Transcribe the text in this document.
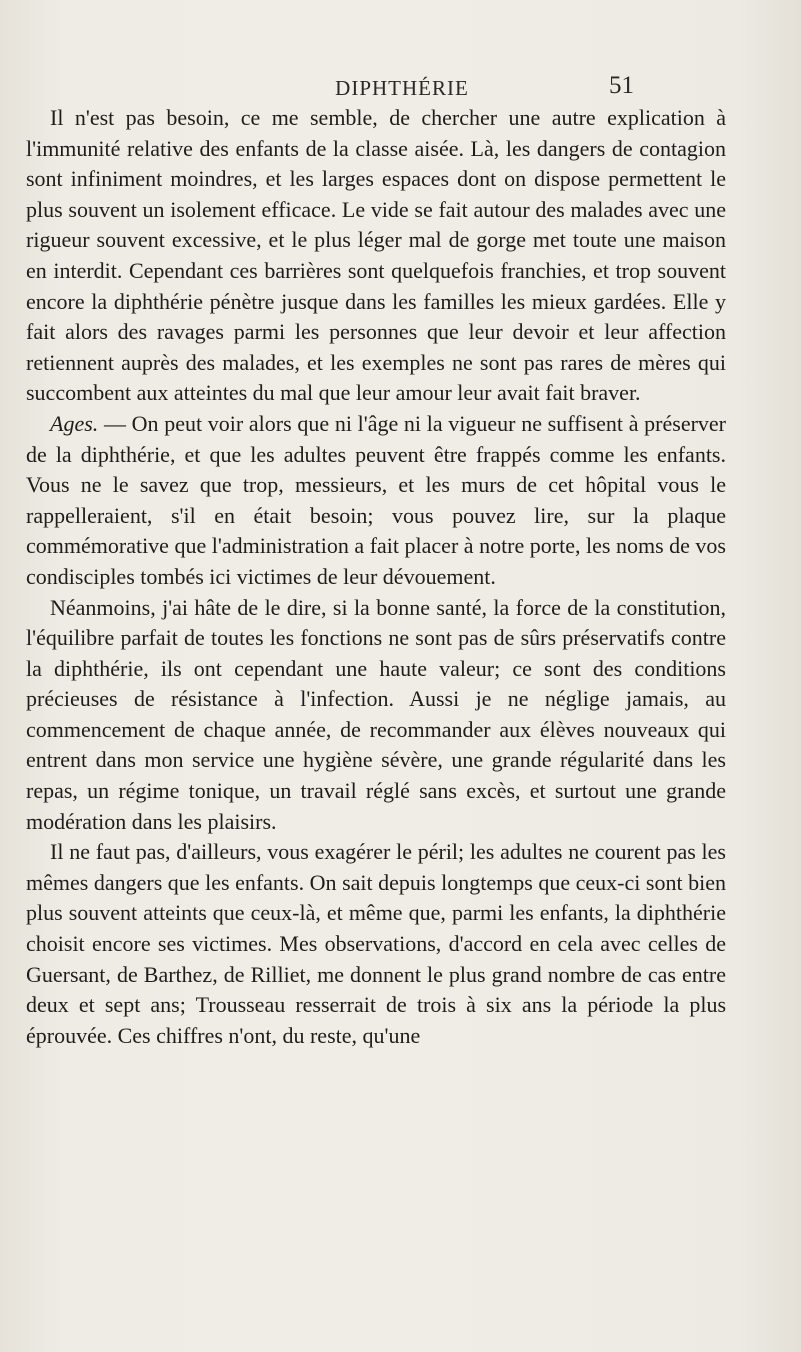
DIPHTHÉRIE	51

Il n'est pas besoin, ce me semble, de chercher une autre explication à l'immunité relative des enfants de la classe aisée. Là, les dangers de contagion sont infiniment moindres, et les larges espaces dont on dispose permettent le plus souvent un isolement efficace. Le vide se fait autour des malades avec une rigueur souvent excessive, et le plus léger mal de gorge met toute une maison en interdit. Cependant ces barrières sont quelquefois franchies, et trop souvent encore la diphthérie pénètre jusque dans les familles les mieux gardées. Elle y fait alors des ravages parmi les personnes que leur devoir et leur affection retiennent auprès des malades, et les exemples ne sont pas rares de mères qui succombent aux atteintes du mal que leur amour leur avait fait braver.

Ages. — On peut voir alors que ni l'âge ni la vigueur ne suffisent à préserver de la diphthérie, et que les adultes peuvent être frappés comme les enfants. Vous ne le savez que trop, messieurs, et les murs de cet hôpital vous le rappelleraient, s'il en était besoin; vous pouvez lire, sur la plaque commémorative que l'administration a fait placer à notre porte, les noms de vos condisciples tombés ici victimes de leur dévouement.

Néanmoins, j'ai hâte de le dire, si la bonne santé, la force de la constitution, l'équilibre parfait de toutes les fonctions ne sont pas de sûrs préservatifs contre la diphthérie, ils ont cependant une haute valeur; ce sont des conditions précieuses de résistance à l'infection. Aussi je ne néglige jamais, au commencement de chaque année, de recommander aux élèves nouveaux qui entrent dans mon service une hygiène sévère, une grande régularité dans les repas, un régime tonique, un travail réglé sans excès, et surtout une grande modération dans les plaisirs.

Il ne faut pas, d'ailleurs, vous exagérer le péril; les adultes ne courent pas les mêmes dangers que les enfants. On sait depuis longtemps que ceux-ci sont bien plus souvent atteints que ceux-là, et même que, parmi les enfants, la diphthérie choisit encore ses victimes. Mes observations, d'accord en cela avec celles de Guersant, de Barthez, de Rilliet, me donnent le plus grand nombre de cas entre deux et sept ans; Trousseau resserrait de trois à six ans la période la plus éprouvée. Ces chiffres n'ont, du reste, qu'une
